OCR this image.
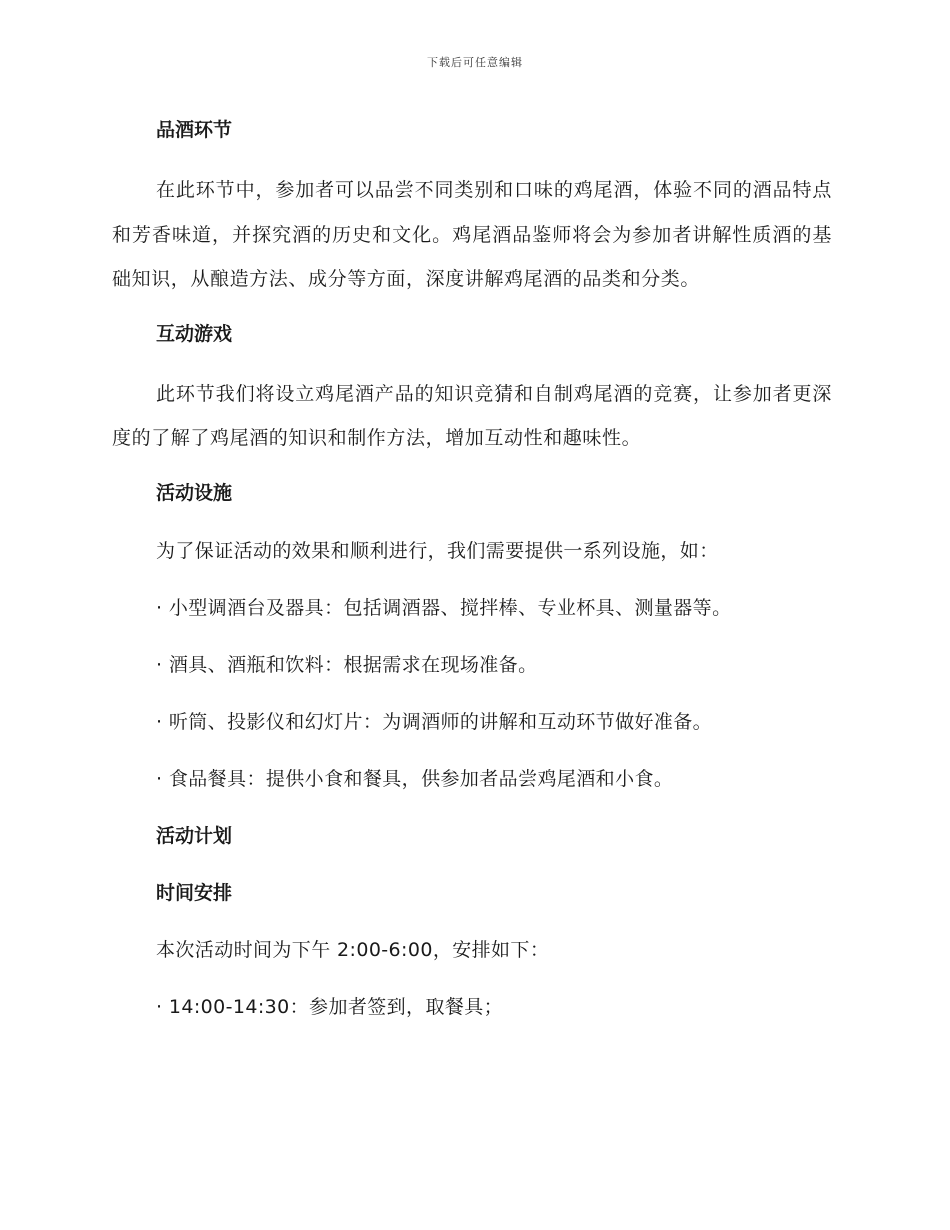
下载后可任意编辑
品酒环节
在此环节中，参加者可以品尝不同类别和口味的鸡尾酒，体验不同的酒品特点和芳香味道，并探究酒的历史和文化。鸡尾酒品鉴师将会为参加者讲解性质酒的基础知识，从酿造方法、成分等方面，深度讲解鸡尾酒的品类和分类。
互动游戏
此环节我们将设立鸡尾酒产品的知识竞猜和自制鸡尾酒的竞赛，让参加者更深度的了解了鸡尾酒的知识和制作方法，增加互动性和趣味性。
活动设施
为了保证活动的效果和顺利进行，我们需要提供一系列设施，如：
· 小型调酒台及器具：包括调酒器、搅拌棒、专业杯具、测量器等。
· 酒具、酒瓶和饮料：根据需求在现场准备。
· 听筒、投影仪和幻灯片：为调酒师的讲解和互动环节做好准备。
· 食品餐具：提供小食和餐具，供参加者品尝鸡尾酒和小食。
活动计划
时间安排
本次活动时间为下午 2:00-6:00，安排如下：
· 14:00-14:30：参加者签到，取餐具；
